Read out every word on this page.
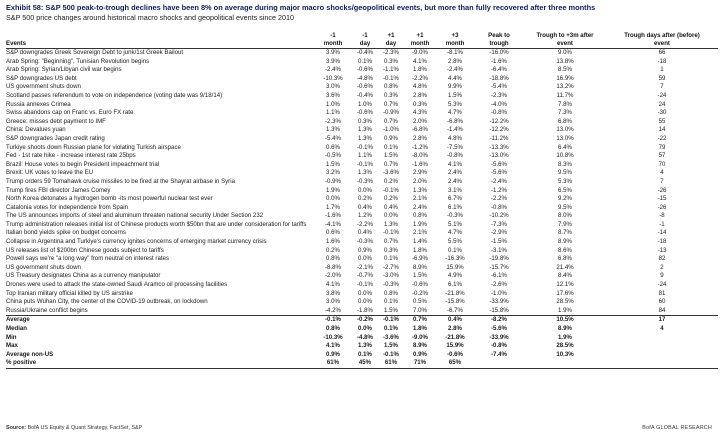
Exhibit 58: S&P 500 peak-to-trough declines have been 8% on average during major macro shocks/geopolitical events, but more than fully recovered after three months
S&P 500 price changes around historical macro shocks and geopolitical events since 2010
	-1	-1	+1	+1	+3	Peak to	Trough to +3m after	Trough days after (before)
Events	month	day	day	month	month	trough	event	event
S&P downgrades Greek Sovereign Debt to junk/1st Greek Bailout	3.9%	-0.4%	-2.3%	-9.0%	-8.1%	-16.0%	9.0%	66
Arab Spring: "Beginning", Tunisian Revolution begins	3.9%	0.1%	0.3%	4.1%	2.8%	-1.6%	13.8%	-18
Arab Spring: Syrian/Libyan civil war begins	-2.4%	-0.6%	-1.1%	1.8%	-2.4%	-6.4%	8.5%	1
S&P downgrades US debt	-10.3%	-4.8%	-0.1%	-2.2%	4.4%	-18.8%	16.9%	59
US government shuts down	3.0%	-0.6%	0.8%	4.8%	9.9%	-5.4%	13.2%	7
Scotland passes referendum to vote on independence (voting date was 9/18/14)	3.6%	-0.4%	0.3%	2.8%	1.5%	-2.3%	11.7%	-24
Russia annexes Crimea	1.0%	1.0%	0.7%	0.3%	5.3%	-4.0%	7.8%	24
Swiss abandons cap on Franc vs. Euro FX rate	1.1%	-0.6%	-0.9%	4.3%	4.7%	-0.8%	7.3%	-30
Greece: misses debt payment to IMF	-2.3%	0.3%	0.7%	2.0%	-6.8%	-12.2%	6.8%	55
China: Devalues yuan	1.3%	1.3%	-1.0%	-6.8%	-1.4%	-12.2%	13.0%	14
S&P downgrades Japan credit rating	-5.4%	1.3%	0.9%	2.8%	4.8%	-11.2%	13.0%	-22
Turkiye shoots down Russian plane for violating Turkish airspace	0.6%	-0.1%	0.1%	-1.2%	-7.5%	-13.3%	6.4%	79
Fed - 1st rate hike - increase interest rate 25bps	-0.5%	1.1%	1.5%	-8.0%	-0.8%	-13.0%	10.8%	57
Brazil: House votes to begin President impeachment trial	1.5%	-0.1%	0.7%	-1.6%	4.1%	-5.6%	8.3%	70
Brexit: UK votes to leave the EU	3.2%	1.3%	-3.6%	2.9%	2.4%	-5.6%	9.5%	4
Trump orders 59 Tomahawk cruise missiles to be fired at the Shayrat airbase in Syria	-0.9%	-0.3%	0.2%	2.0%	2.4%	-2.4%	5.3%	7
Trump fires FBI director James Comey	1.9%	0.0%	-0.1%	1.3%	3.1%	-1.2%	6.5%	-26
North Korea detonates a hydrogen bomb -its most powerful nuclear test ever	0.0%	0.2%	0.2%	2.1%	6.7%	-2.2%	9.2%	-15
Catalonia votes for independence from Spain	1.7%	0.4%	0.4%	2.4%	6.1%	-0.8%	9.5%	-26
The US announces imports of steel and aluminum threaten national security Under Section 232	-1.6%	1.2%	0.0%	0.8%	-0.3%	-10.2%	8.0%	-8
Trump administration releases initial list of Chinese products worth $50bn that are under consideration for tariffs	-4.1%	-2.2%	1.3%	1.9%	5.1%	-7.3%	7.9%	-1
Italian bond yields spike on budget concerns	0.6%	0.4%	-0.1%	2.1%	4.7%	-2.9%	8.7%	-14
Collapse in Argentina and Turkiye's currency ignites concerns of emerging market currency crisis	1.6%	-0.3%	0.7%	1.4%	5.5%	-1.5%	8.9%	-18
US releases list of $200bn Chinese goods subject to tariffs	0.2%	0.9%	0.3%	1.8%	0.1%	-3.1%	8.6%	-13
Powell says we're "a long way" from neutral on interest rates	0.8%	0.0%	0.1%	-6.9%	-16.3%	-19.8%	6.8%	82
US government shuts down	-8.8%	-2.1%	-2.7%	8.9%	15.9%	-15.7%	21.4%	2
US Treasury designates China as a currency manipulator	-2.0%	-0.7%	-3.0%	1.5%	4.9%	-6.1%	8.4%	9
Drones were used to attack the state-owned Saudi Aramco oil processing facilities	4.1%	-0.1%	-0.3%	-0.6%	6.1%	-2.6%	12.1%	-24
Top Iranian military official killed by US airstrike	3.8%	0.0%	0.8%	-0.2%	-21.8%	-1.0%	17.6%	81
China puts Wuhan City, the center of the COVID-19 outbreak, on lockdown	3.0%	0.0%	0.1%	0.5%	-15.8%	-33.9%	28.5%	60
Russia/Ukraine conflict begins	-4.2%	-1.8%	1.5%	7.0%	-6.7%	-15.8%	1.9%	84
Average	-0.1%	-0.2%	-0.1%	0.7%	0.4%	-8.2%	10.5%	17
Median	0.8%	0.0%	0.1%	1.8%	2.8%	-5.6%	8.9%	4
Min	-10.3%	-4.8%	-3.6%	-9.0%	-21.8%	-33.9%	1.9%	
Max	4.1%	1.3%	1.5%	8.9%	15.9%	-0.8%	28.5%	
Average non-US	0.9%	0.1%	-0.1%	0.9%	-0.6%	-7.4%	10.3%	
% positive	61%	45%	61%	71%	65%			
Source: BofA US Equity & Quant Strategy, FactSet, S&P	BofA GLOBAL RESEARCH
